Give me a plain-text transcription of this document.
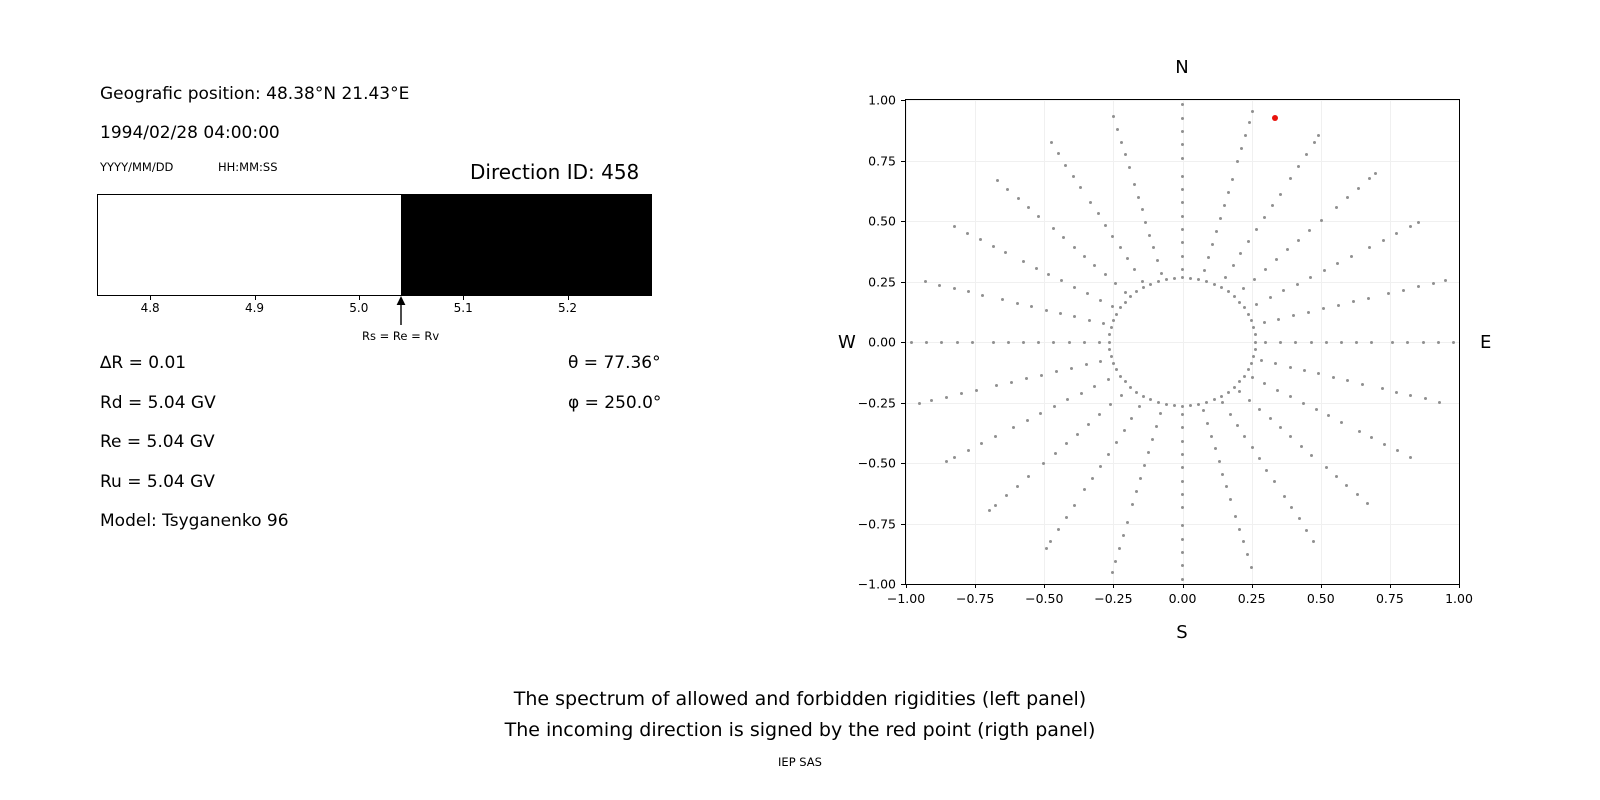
Geografic position: 48.38°N 21.43°E
1994/02/28 04:00:00
YYYY/MM/DD	HH:MM:SS	Direction ID: 458
4.8	4.9	5.0	5.1	5.2
Rs = Re = Rv
∆R = 0.01
Rd = 5.04 GV
Re = 5.04 GV
Ru = 5.04 GV
Model: Tsyganenko 96
θ = 77.36°
φ = 250.0°
N
S
−1.00 −0.75 −0.50 −0.25	0.00	0.25	0.50	0.75	1.00
−1.00
−0.75
−0.50
−0.25
0.00
0.25
0.50
0.75
1.00
W	E
The spectrum of allowed and forbidden rigidities (left panel)
The incoming direction is signed by the red point (rigth panel)
IEP SAS
